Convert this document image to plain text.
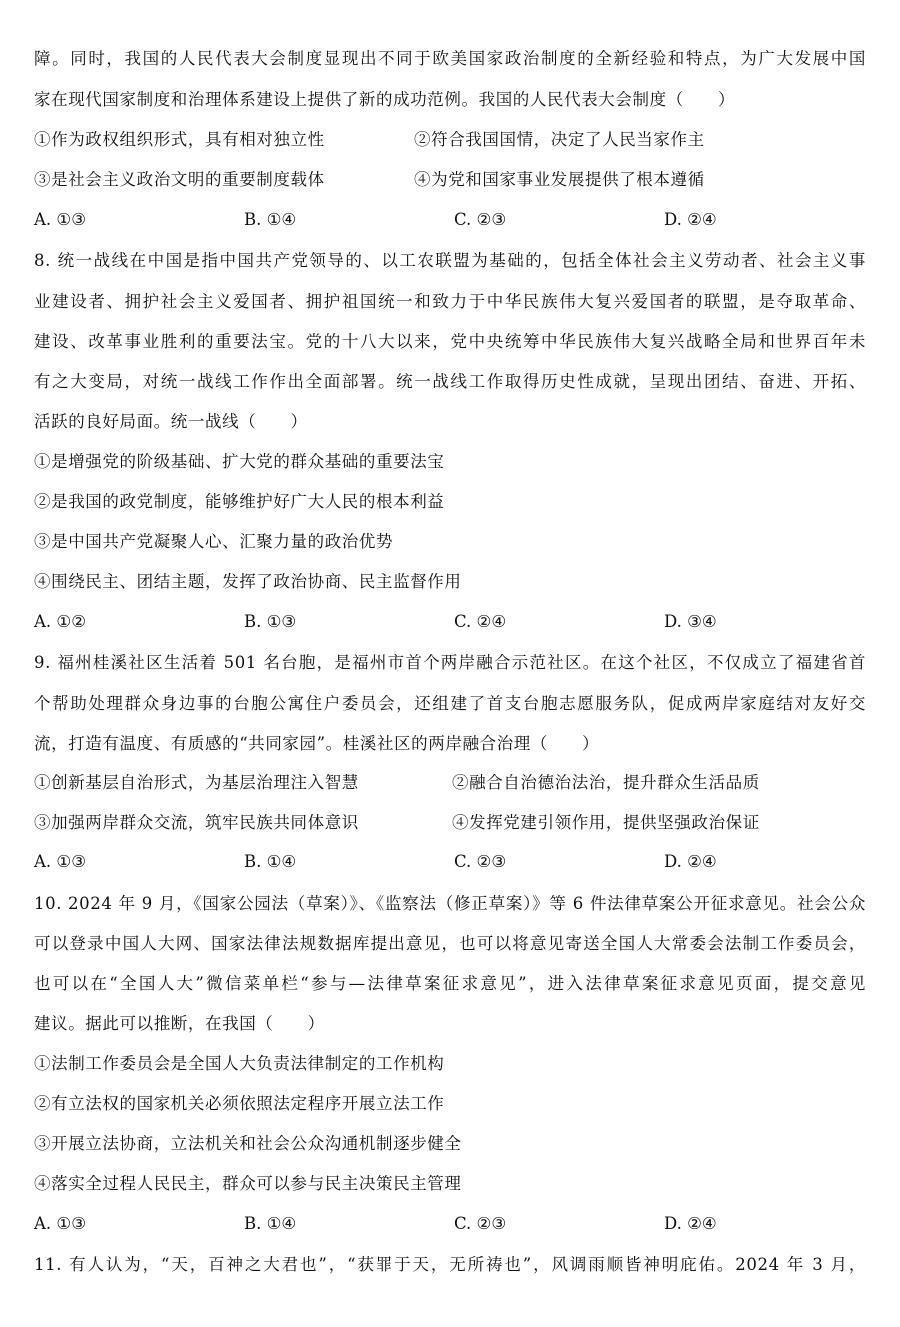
障。同时，我国的人民代表大会制度显现出不同于欧美国家政治制度的全新经验和特点，为广大发展中国
家在现代国家制度和治理体系建设上提供了新的成功范例。我国的人民代表大会制度（　　）
①作为政权组织形式，具有相对独立性	②符合我国国情，决定了人民当家作主
③是社会主义政治文明的重要制度载体	④为党和国家事业发展提供了根本遵循
A. ①③	B. ①④	C. ②③	D. ②④
8. 统一战线在中国是指中国共产党领导的、以工农联盟为基础的，包括全体社会主义劳动者、社会主义事
业建设者、拥护社会主义爱国者、拥护祖国统一和致力于中华民族伟大复兴爱国者的联盟，是夺取革命、
建设、改革事业胜利的重要法宝。党的十八大以来，党中央统筹中华民族伟大复兴战略全局和世界百年未
有之大变局，对统一战线工作作出全面部署。统一战线工作取得历史性成就，呈现出团结、奋进、开拓、
活跃的良好局面。统一战线（　　）
①是增强党的阶级基础、扩大党的群众基础的重要法宝
②是我国的政党制度，能够维护好广大人民的根本利益
③是中国共产党凝聚人心、汇聚力量的政治优势
④围绕民主、团结主题，发挥了政治协商、民主监督作用
A. ①②	B. ①③	C. ②④	D. ③④
9. 福州桂溪社区生活着 501 名台胞，是福州市首个两岸融合示范社区。在这个社区，不仅成立了福建省首
个帮助处理群众身边事的台胞公寓住户委员会，还组建了首支台胞志愿服务队，促成两岸家庭结对友好交
流，打造有温度、有质感的“共同家园”。桂溪社区的两岸融合治理（　　）
①创新基层自治形式，为基层治理注入智慧	②融合自治德治法治，提升群众生活品质
③加强两岸群众交流，筑牢民族共同体意识	④发挥党建引领作用，提供坚强政治保证
A. ①③	B. ①④	C. ②③	D. ②④
10. 2024 年 9 月，《国家公园法（草案）》、《监察法（修正草案）》等 6 件法律草案公开征求意见。社会公众
可以登录中国人大网、国家法律法规数据库提出意见，也可以将意见寄送全国人大常委会法制工作委员会，
也可以在“全国人大”微信菜单栏“参与—法律草案征求意见”，进入法律草案征求意见页面，提交意见
建议。据此可以推断，在我国（　　）
①法制工作委员会是全国人大负责法律制定的工作机构
②有立法权的国家机关必须依照法定程序开展立法工作
③开展立法协商，立法机关和社会公众沟通机制逐步健全
④落实全过程人民民主，群众可以参与民主决策民主管理
A. ①③	B. ①④	C. ②③	D. ②④
11. 有人认为，“天，百神之大君也”，“获罪于天，无所祷也”，风调雨顺皆神明庇佑。2024 年 3 月，
